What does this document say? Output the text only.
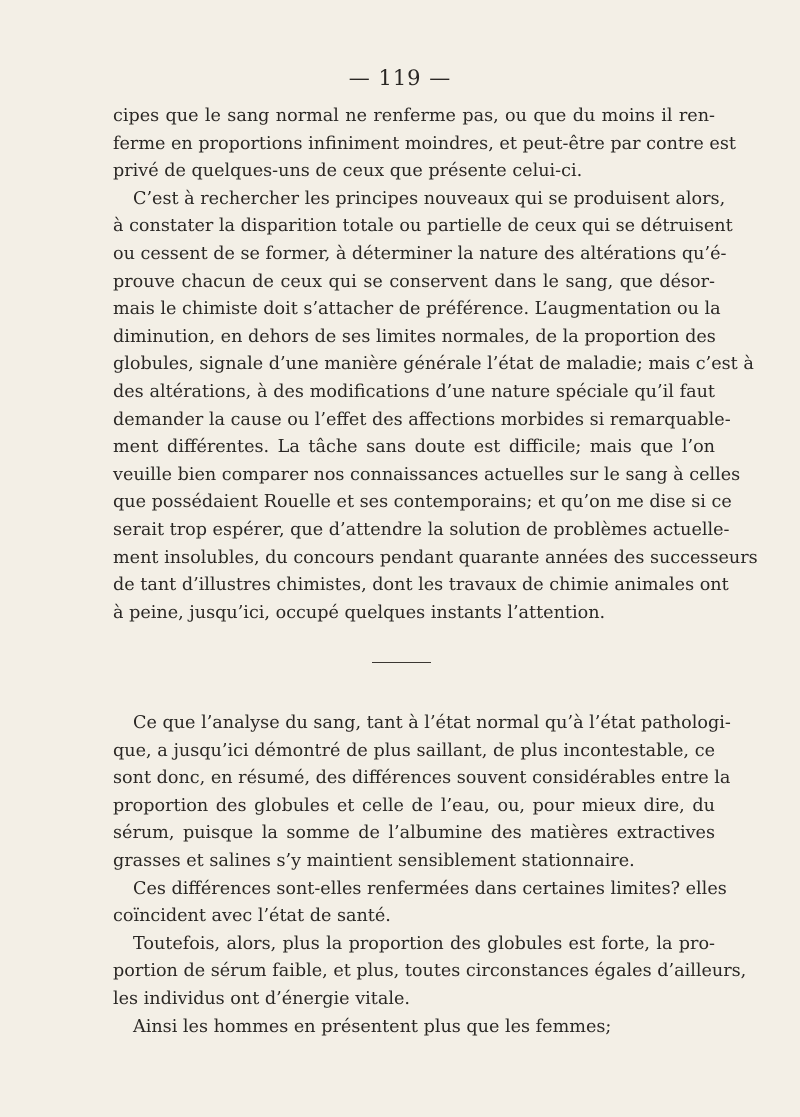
— 119 —
cipes que le sang normal ne renferme pas, ou que du moins il ren-
ferme en proportions infiniment moindres, et peut-être par contre est
privé de quelques-uns de ceux que présente celui-ci.
C’est à rechercher les principes nouveaux qui se produisent alors,
à constater la disparition totale ou partielle de ceux qui se détruisent
ou cessent de se former, à déterminer la nature des altérations qu’é-
prouve chacun de ceux qui se conservent dans le sang, que désor-
mais le chimiste doit s’attacher de préférence. L’augmentation ou la
diminution, en dehors de ses limites normales, de la proportion des
globules, signale d’une manière générale l’état de maladie; mais c’est à
des altérations, à des modifications d’une nature spéciale qu’il faut
demander la cause ou l’effet des affections morbides si remarquable-
ment différentes. La tâche sans doute est difficile; mais que l’on
veuille bien comparer nos connaissances actuelles sur le sang à celles
que possédaient Rouelle et ses contemporains; et qu’on me dise si ce
serait trop espérer, que d’attendre la solution de problèmes actuelle-
ment insolubles, du concours pendant quarante années des successeurs
de tant d’illustres chimistes, dont les travaux de chimie animales ont
à peine, jusqu’ici, occupé quelques instants l’attention.
Ce que l’analyse du sang, tant à l’état normal qu’à l’état pathologi-
que, a jusqu’ici démontré de plus saillant, de plus incontestable, ce
sont donc, en résumé, des différences souvent considérables entre la
proportion des globules et celle de l’eau, ou, pour mieux dire, du
sérum, puisque la somme de l’albumine des matières extractives
grasses et salines s’y maintient sensiblement stationnaire.
Ces différences sont-elles renfermées dans certaines limites? elles
coïncident avec l’état de santé.
Toutefois, alors, plus la proportion des globules est forte, la pro-
portion de sérum faible, et plus, toutes circonstances égales d’ailleurs,
les individus ont d’énergie vitale.
Ainsi les hommes en présentent plus que les femmes;
